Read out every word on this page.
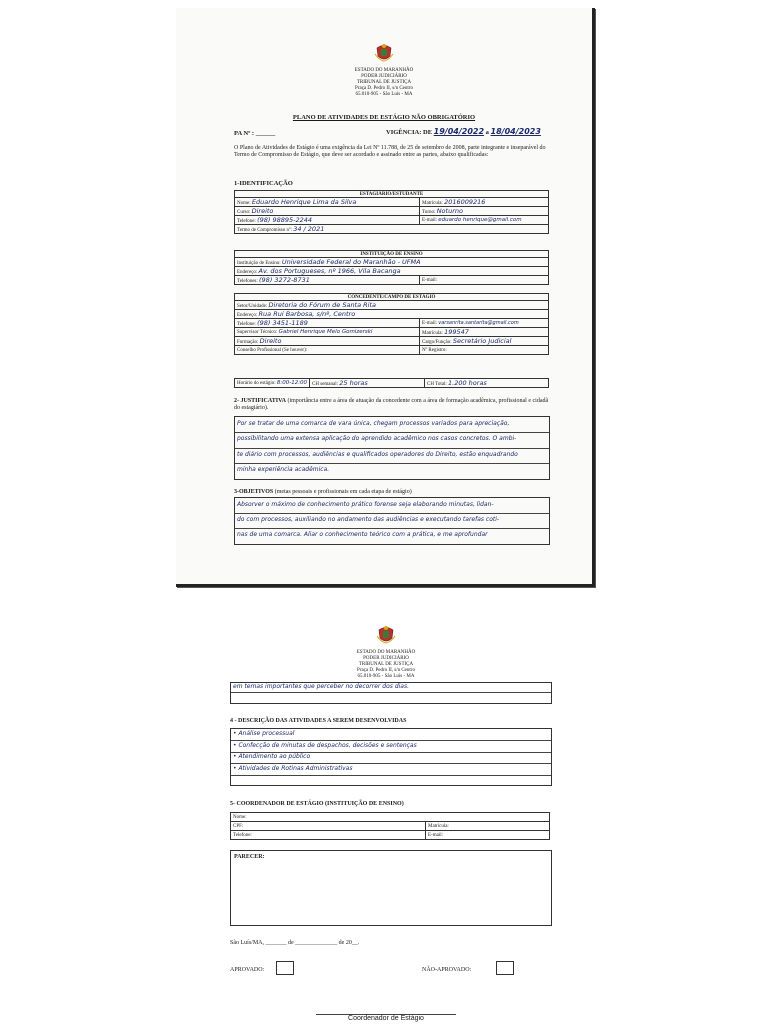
ESTADO DO MARANHÃO
PODER JUDICIÁRIO
TRIBUNAL DE JUSTIÇA
Praça D. Pedro II, s/n Centro
65.010-905 - São Luís - MA
PLANO DE ATIVIDADES DE ESTÁGIO NÃO OBRIGATÓRIO
PA Nº : ______	VIGÊNCIA: DE 19/04/2022 a 18/04/2023
O Plano de Atividades de Estágio é uma exigência da Lei Nº 11.788, de 25 de setembro de 2008, parte integrante e inseparável do Termo de Compromisso de Estágio, que deve ser acordado e assinado entre as partes, abaixo qualificadas:
1-IDENTIFICAÇÃO
ESTAGIÁRIO/ESTUDANTE	
Nome: Eduardo Henrique Lima da Silva	Matrícula: 2016009216
Curso: Direito	Turno: Noturno
Telefone: (98) 98895-2244	E-mail: eduardo henrique@gmail.com
Termo de Compromisso nº: 34 / 2021	
INSTITUIÇÃO DE ENSINO
Instituição de Ensino: Universidade Federal do Maranhão - UFMA
Endereço: Av. dos Portugueses, nº 1966, Vila Bacanga
Telefones: (98) 3272-8731	E-mail:
CONCEDENTE/CAMPO DE ESTÁGIO	
Setor/Unidade: Diretoria do Fórum de Santa Rita	
Endereço: Rua Rui Barbosa, s/nº, Centro	
Telefone: (98) 3451-1189	E-mail: varsanrita.santarita@gmail.com
Supervisor Técnico: Gabriel Henrique Melo Gomizerski	Matrícula: 199547
Formação: Direito	Cargo/Função: Secretário Judicial
Conselho Profissional (Se houver):	Nº Registro:
Horário do estágio: 8:00-12:00	CH semanal: 25 horas	CH Total: 1.200 horas
2- JUSTIFICATIVA (importância entre a área de atuação da concedente com a área de formação acadêmica, profissional e cidadã do estagiário).
Por se tratar de uma comarca de vara única, chegam processos variados para apreciação,
possibilitando uma extensa aplicação do aprendido acadêmico nos casos concretos. O ambi-
te diário com processos, audiências e qualificados operadores do Direito, estão enquadrando
minha experiência acadêmica.
3-OBJETIVOS (metas pessoais e profissionais em cada etapa de estágio)
Absorver o máximo de conhecimento prático forense seja elaborando minutas, lidan-
do com processos, auxiliando no andamento das audiências e executando tarefas coti-
nas de uma comarca. Aliar o conhecimento teórico com a prática, e me aprofundar
ESTADO DO MARANHÃO
PODER JUDICIÁRIO
TRIBUNAL DE JUSTIÇA
Praça D. Pedro II, s/n Centro
65.010-905 - São Luís - MA
em temas importantes que perceber no decorrer dos dias.
4 - DESCRIÇÃO DAS ATIVIDADES A SEREM DESENVOLVIDAS
• Análise processual
• Confecção de minutas de despachos, decisões e sentenças
• Atendimento ao público
• Atividades de Rotinas Administrativas
5- COORDENADOR DE ESTÁGIO (INSTITUIÇÃO DE ENSINO)
Nome:	
CPF:	Matrícula:
Telefone:	E-mail:
PARECER:
São Luís/MA, _______ de ______________ de 20__.
APROVADO:	NÃO-APROVADO:
Coordenador de Estágio
